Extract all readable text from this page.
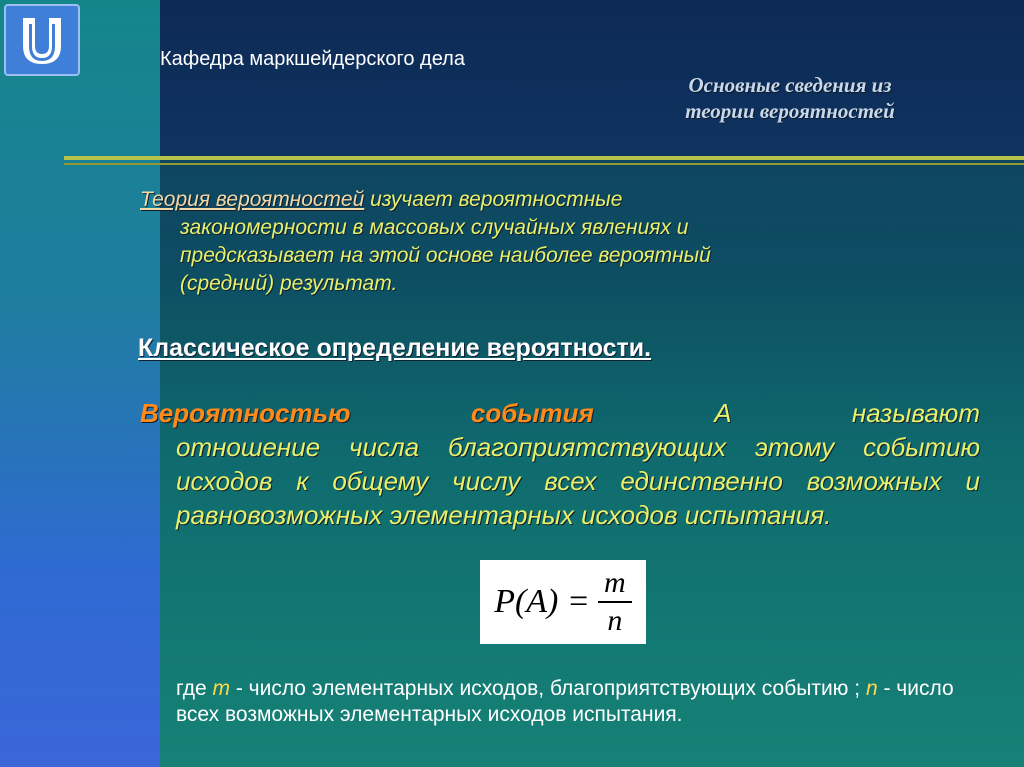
Кафедра маркшейдерского дела
Основные сведения из
теории вероятностей
Теория вероятностей изучает вероятностные
закономерности в массовых случайных явлениях и
предсказывает на этой основе наиболее вероятный
(средний) результат.
Классическое определение вероятности.
Вероятностью	события	А	называют
отношение числа благоприятствующих этому событию исходов к общему числу всех единственно возможных и равновозможных элементарных исходов испытания.
$P(A) = \frac{m}{n}$
где m - число элементарных исходов, благоприятствующих событию ; n - число всех возможных элементарных исходов испытания.
